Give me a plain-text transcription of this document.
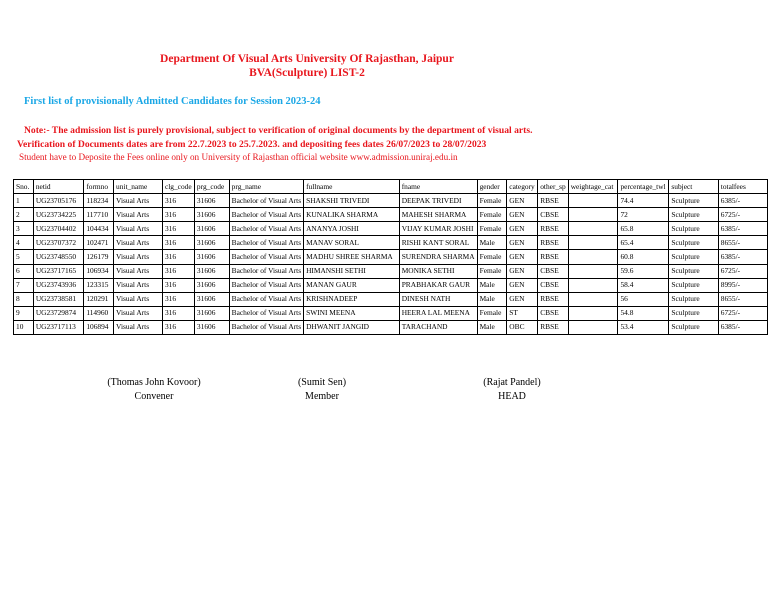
Department Of Visual Arts University Of Rajasthan, Jaipur
BVA(Sculpture) LIST-2
First list of provisionally Admitted Candidates for Session 2023-24
Note:- The admission list is purely provisional, subject to verification of original documents by the department of visual arts.
Verification of Documents dates are from 22.7.2023 to 25.7.2023. and depositing fees dates 26/07/2023 to 28/07/2023
Student have to Deposite the Fees online only on University of Rajasthan official website www.admission.uniraj.edu.in
Sno.	netid	formno	unit_name	clg_code	prg_code	prg_name	fullname	fname	gender	category	other_sp	weightage_cat	percentage_twl	subject	totalfees
1	UG23705176	118234	Visual Arts	316	31606	Bachelor of Visual Arts	SHAKSHI TRIVEDI	DEEPAK TRIVEDI	Female	GEN	RBSE		74.4	Sculpture	6385/-
2	UG23734225	117710	Visual Arts	316	31606	Bachelor of Visual Arts	KUNALIKA SHARMA	MAHESH SHARMA	Female	GEN	CBSE		72	Sculpture	6725/-
3	UG23704402	104434	Visual Arts	316	31606	Bachelor of Visual Arts	ANANYA JOSHI	VIJAY KUMAR JOSHI	Female	GEN	RBSE		65.8	Sculpture	6385/-
4	UG23707372	102471	Visual Arts	316	31606	Bachelor of Visual Arts	MANAV SORAL	RISHI KANT SORAL	Male	GEN	RBSE		65.4	Sculpture	8655/-
5	UG23748550	126179	Visual Arts	316	31606	Bachelor of Visual Arts	MADHU SHREE SHARMA	SURENDRA SHARMA	Female	GEN	RBSE		60.8	Sculpture	6385/-
6	UG23717165	106934	Visual Arts	316	31606	Bachelor of Visual Arts	HIMANSHI SETHI	MONIKA SETHI	Female	GEN	CBSE		59.6	Sculpture	6725/-
7	UG23743936	123315	Visual Arts	316	31606	Bachelor of Visual Arts	MANAN GAUR	PRABHAKAR GAUR	Male	GEN	CBSE		58.4	Sculpture	8995/-
8	UG23738581	120291	Visual Arts	316	31606	Bachelor of Visual Arts	KRISHNADEEP	DINESH NATH	Male	GEN	RBSE		56	Sculpture	8655/-
9	UG23729874	114960	Visual Arts	316	31606	Bachelor of Visual Arts	SWINI MEENA	HEERA LAL MEENA	Female	ST	CBSE		54.8	Sculpture	6725/-
10	UG23717113	106894	Visual Arts	316	31606	Bachelor of Visual Arts	DHWANIT JANGID	TARACHAND	Male	OBC	RBSE		53.4	Sculpture	6385/-
(Thomas John Kovoor)
Convener
(Sumit Sen)
Member
(Rajat Pandel)
HEAD
